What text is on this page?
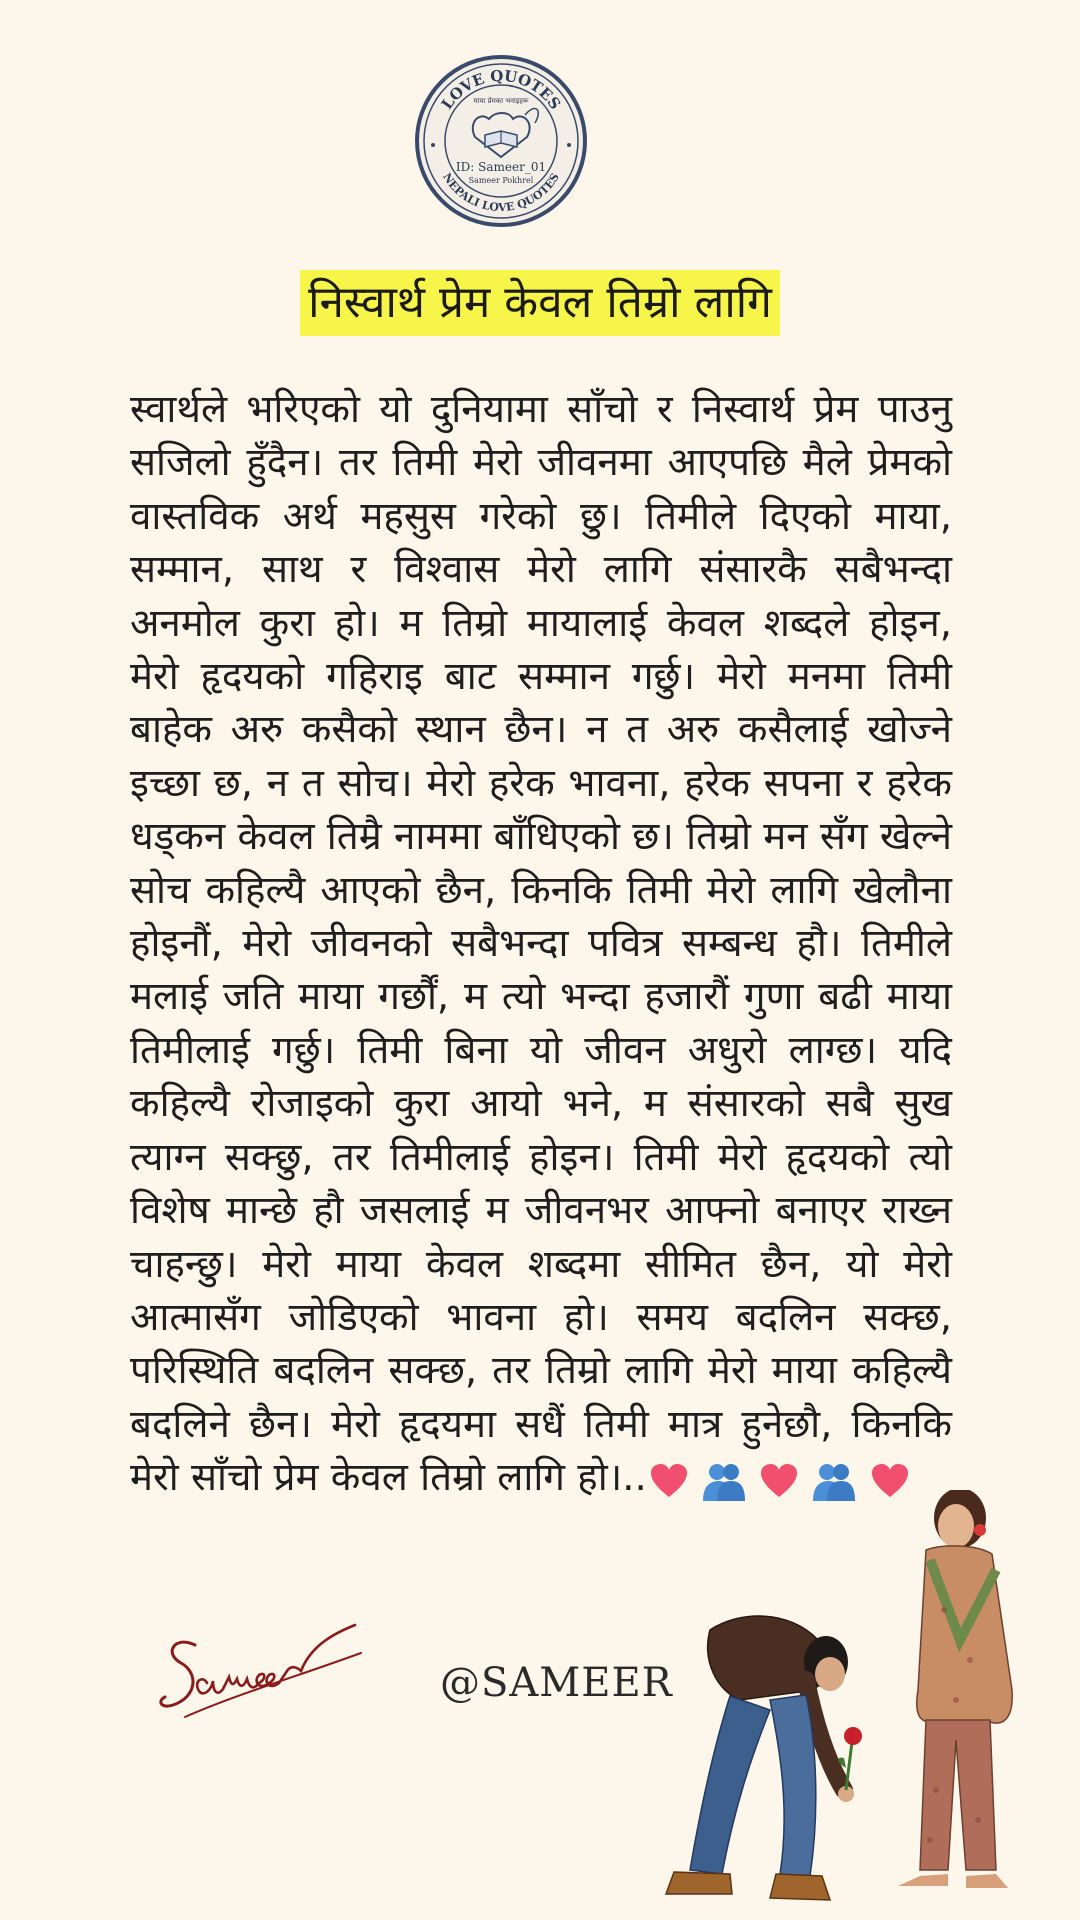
LOVE QUOTES
NEPALI LOVE QUOTES
माया प्रेमका भनाइहरू
ID: Sameer_01
Sameer Pokhrel
निस्वार्थ प्रेम केवल तिम्रो लागि

स्वार्थले भरिएको यो दुनियामा साँचो र निस्वार्थ प्रेम पाउनु सजिलो हुँदैन। तर तिमी मेरो जीवनमा आएपछि मैले प्रेमको वास्तविक अर्थ महसुस गरेको छु। तिमीले दिएको माया, सम्मान, साथ र विश्वास मेरो लागि संसारकै सबैभन्दा अनमोल कुरा हो। म तिम्रो मायालाई केवल शब्दले होइन, मेरो हृदयको गहिराइ बाट सम्मान गर्छु। मेरो मनमा तिमी बाहेक अरु कसैको स्थान छैन। न त अरु कसैलाई खोज्ने इच्छा छ, न त सोच। मेरो हरेक भावना, हरेक सपना र हरेक धड्कन केवल तिम्रै नाममा बाँधिएको छ। तिम्रो मन सँग खेल्ने सोच कहिल्यै आएको छैन, किनकि तिमी मेरो लागि खेलौना होइनौं, मेरो जीवनको सबैभन्दा पवित्र सम्बन्ध हौ। तिमीले मलाई जति माया गर्छौं, म त्यो भन्दा हजारौं गुणा बढी माया तिमीलाई गर्छु। तिमी बिना यो जीवन अधुरो लाग्छ। यदि कहिल्यै रोजाइको कुरा आयो भने, म संसारको सबै सुख त्याग्न सक्छु, तर तिमीलाई होइन। तिमी मेरो हृदयको त्यो विशेष मान्छे हौ जसलाई म जीवनभर आफ्नो बनाएर राख्न चाहन्छु। मेरो माया केवल शब्दमा सीमित छैन, यो मेरो आत्मासँग जोडिएको भावना हो। समय बदलिन सक्छ, परिस्थिति बदलिन सक्छ, तर तिम्रो लागि मेरो माया कहिल्यै बदलिने छैन। मेरो हृदयमा सधैं तिमी मात्र हुनेछौ, किनकि मेरो साँचो प्रेम केवल तिम्रो लागि हो।..

@SAMEER
